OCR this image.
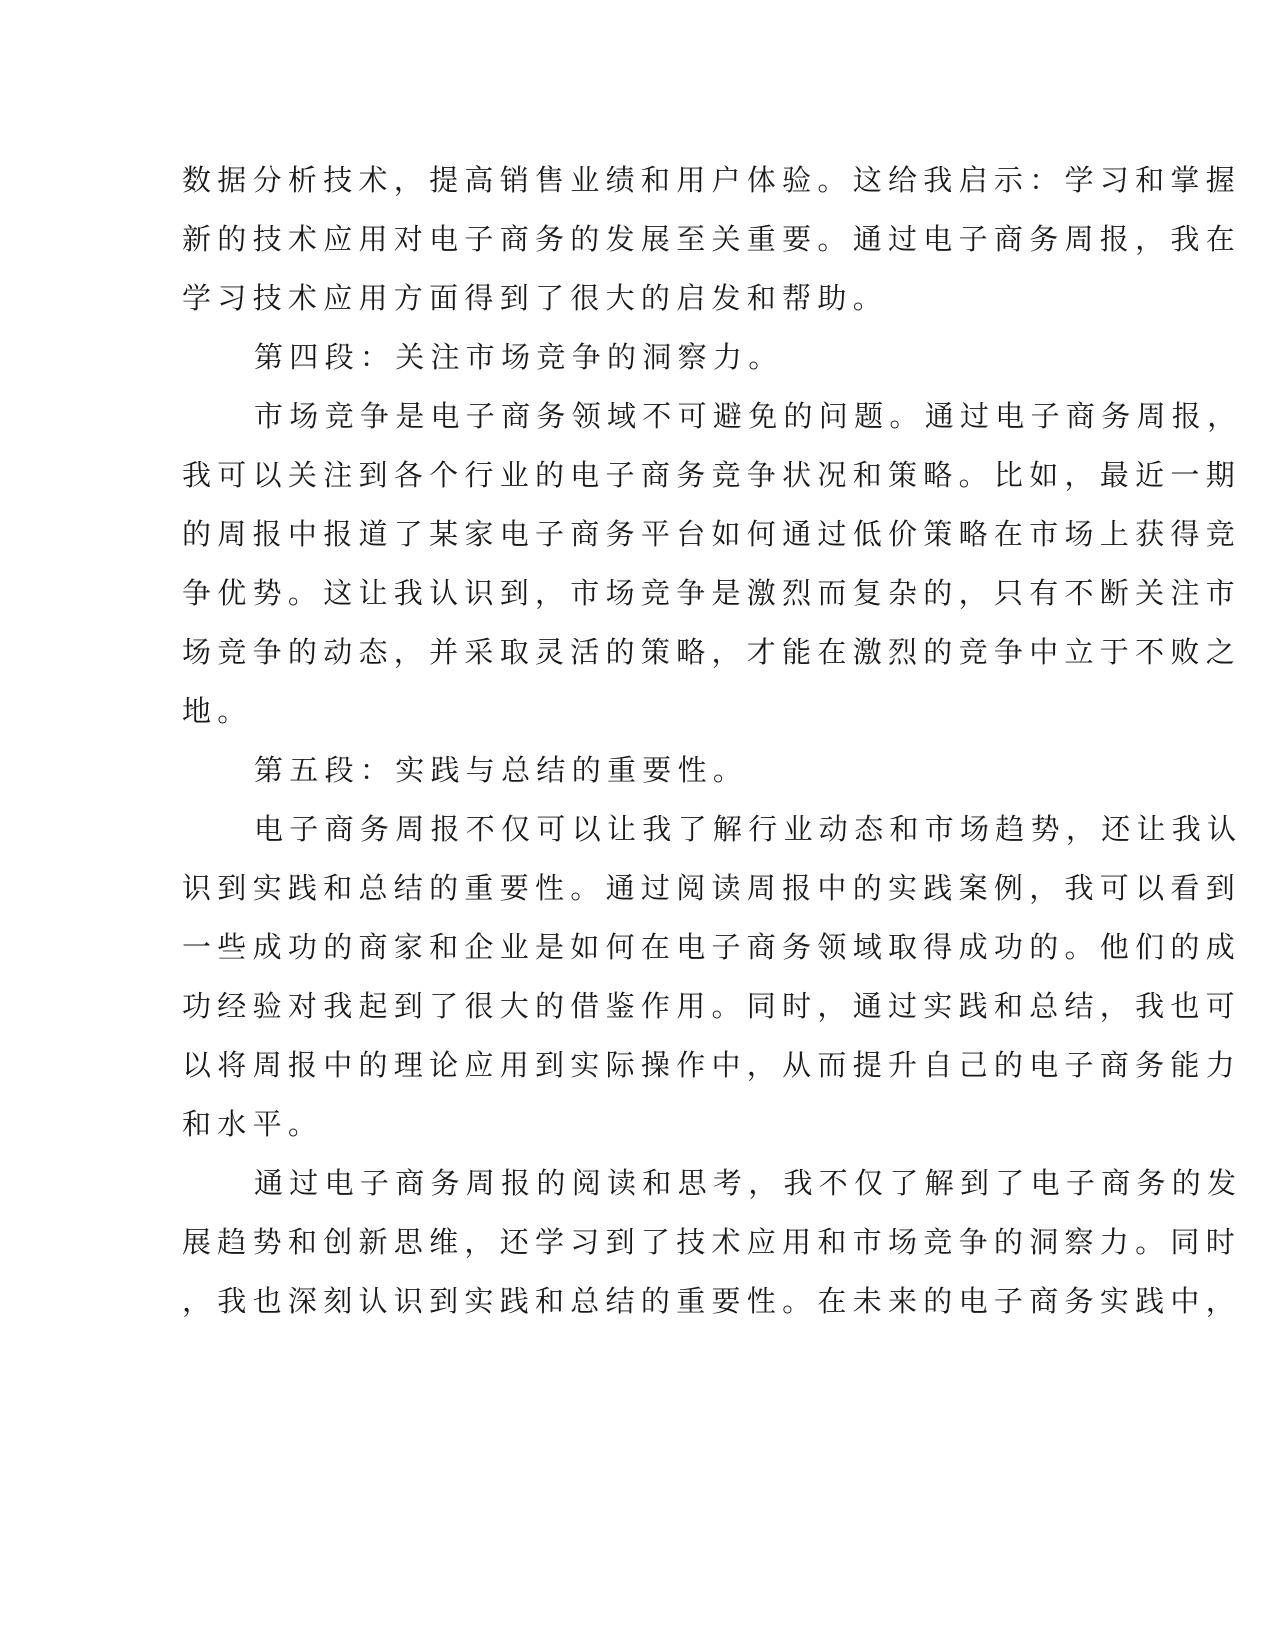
数据分析技术，提高销售业绩和用户体验。这给我启示：学习和掌握
新的技术应用对电子商务的发展至关重要。通过电子商务周报，我在
学习技术应用方面得到了很大的启发和帮助。
第四段：关注市场竞争的洞察力。
市场竞争是电子商务领域不可避免的问题。通过电子商务周报，
我可以关注到各个行业的电子商务竞争状况和策略。比如，最近一期
的周报中报道了某家电子商务平台如何通过低价策略在市场上获得竞
争优势。这让我认识到，市场竞争是激烈而复杂的，只有不断关注市
场竞争的动态，并采取灵活的策略，才能在激烈的竞争中立于不败之
地。
第五段：实践与总结的重要性。
电子商务周报不仅可以让我了解行业动态和市场趋势，还让我认
识到实践和总结的重要性。通过阅读周报中的实践案例，我可以看到
一些成功的商家和企业是如何在电子商务领域取得成功的。他们的成
功经验对我起到了很大的借鉴作用。同时，通过实践和总结，我也可
以将周报中的理论应用到实际操作中，从而提升自己的电子商务能力
和水平。
通过电子商务周报的阅读和思考，我不仅了解到了电子商务的发
展趋势和创新思维，还学习到了技术应用和市场竞争的洞察力。同时
，我也深刻认识到实践和总结的重要性。在未来的电子商务实践中，
